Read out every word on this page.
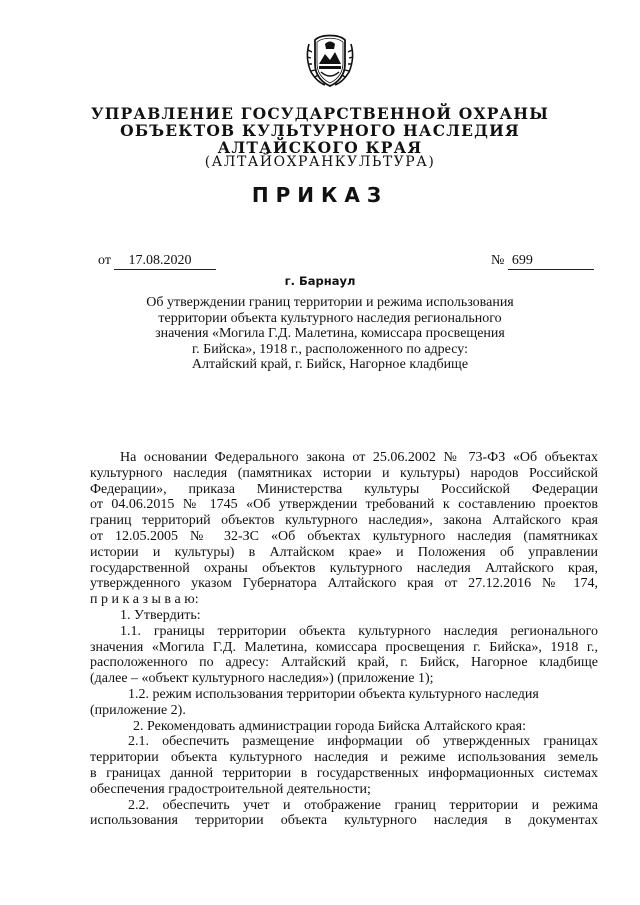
УПРАВЛЕНИЕ ГОСУДАРСТВЕННОЙ ОХРАНЫ
ОБЪЕКТОВ КУЛЬТУРНОГО НАСЛЕДИЯ
АЛТАЙСКОГО КРАЯ
(АЛТАЙОХРАНКУЛЬТУРА)
ПРИКАЗ
от 17.08.2020	№ 699
г. Барнаул
Об утверждении границ территории и режима использования
территории объекта культурного наследия регионального
значения «Могила Г.Д. Малетина, комиссара просвещения
г. Бийска», 1918 г., расположенного по адресу:
Алтайский край, г. Бийск, Нагорное кладбище
На основании Федерального закона от 25.06.2002 № 73-ФЗ «Об объектах
культурного наследия (памятниках истории и культуры) народов Российской
Федерации», приказа Министерства культуры Российской Федерации
от 04.06.2015 № 1745 «Об утверждении требований к составлению проектов
границ территорий объектов культурного наследия», закона Алтайского края
от 12.05.2005 № 32-ЗС «Об объектах культурного наследия (памятниках
истории и культуры) в Алтайском крае» и Положения об управлении
государственной охраны объектов культурного наследия Алтайского края,
утвержденного указом Губернатора Алтайского края от 27.12.2016 № 174,
п р и к а з ы в а ю:
1. Утвердить:
1.1. границы территории объекта культурного наследия регионального
значения «Могила Г.Д. Малетина, комиссара просвещения г. Бийска», 1918 г.,
расположенного по адресу: Алтайский край, г. Бийск, Нагорное кладбище
(далее – «объект культурного наследия») (приложение 1);
1.2. режим использования территории объекта культурного наследия
(приложение 2).
2. Рекомендовать администрации города Бийска Алтайского края:
2.1. обеспечить размещение информации об утвержденных границах
территории объекта культурного наследия и режиме использования земель
в границах данной территории в государственных информационных системах
обеспечения градостроительной деятельности;
2.2. обеспечить учет и отображение границ территории и режима
использования территории объекта культурного наследия в документах
